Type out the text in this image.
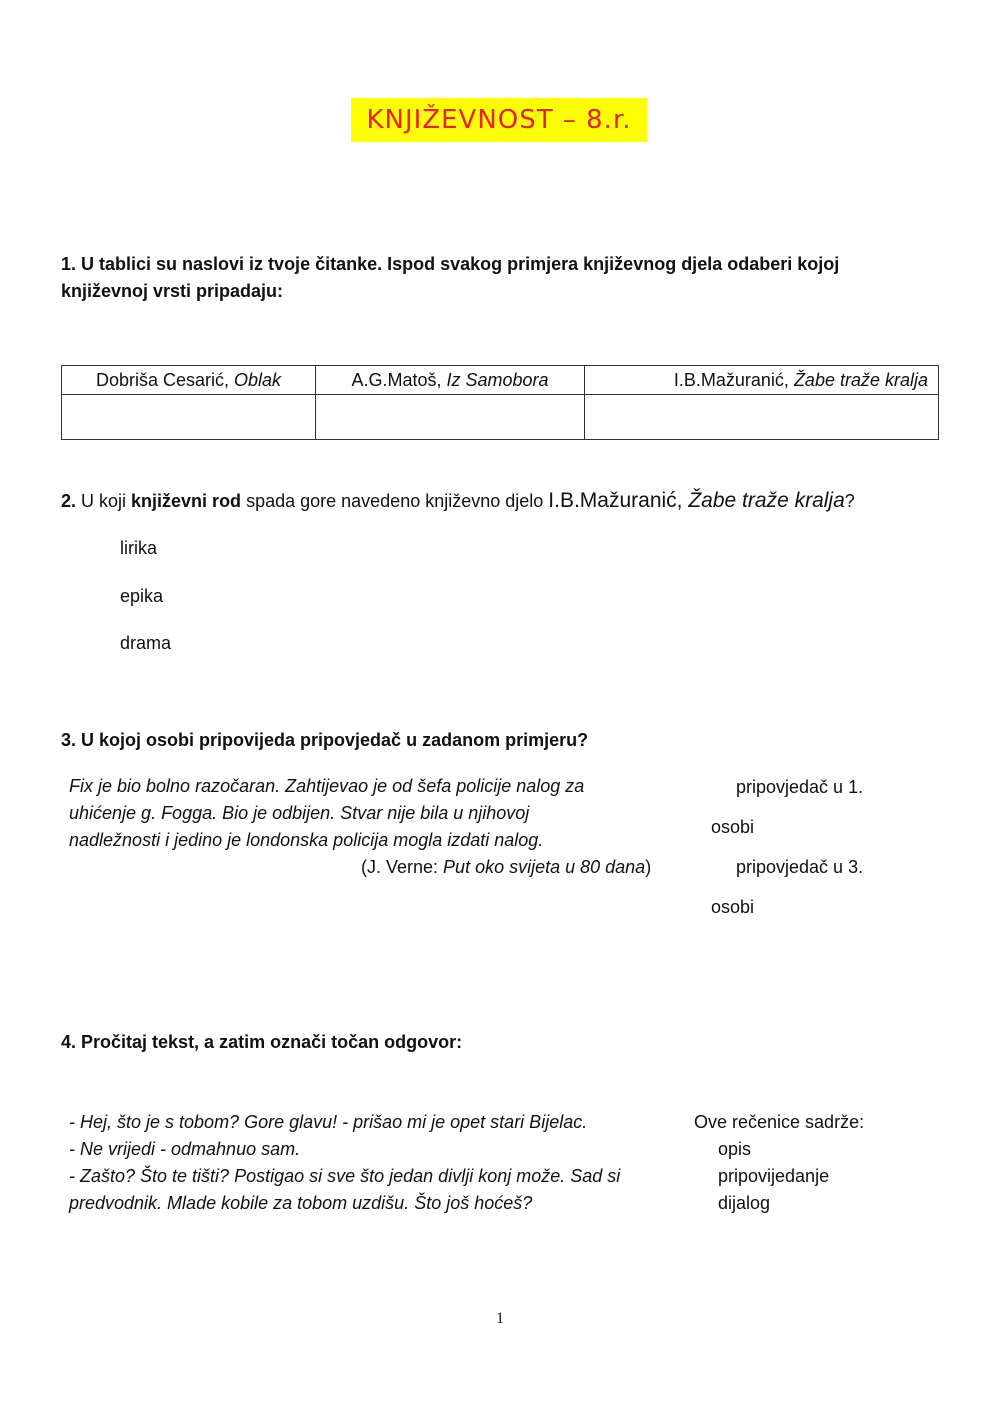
KNJIŽEVNOST – 8.r.
1. U tablici su naslovi iz tvoje čitanke. Ispod svakog primjera književnog djela odaberi kojoj
književnoj vrsti pripadaju:
Dobriša Cesarić, Oblak	A.G.Matoš, Iz Samobora	I.B.Mažuranić, Žabe traže kralja

2. U koji književni rod spada gore navedeno književno djelo I.B.Mažuranić, Žabe traže kralja?
lirika
epika
drama
3. U kojoj osobi pripovijeda pripovjedač u zadanom primjeru?
Fix je bio bolno razočaran. Zahtijevao je od šefa policije nalog za
uhićenje g. Fogga. Bio je odbijen. Stvar nije bila u njihovoj
nadležnosti i jedino je londonska policija mogla izdati nalog.
(J. Verne: Put oko svijeta u 80 dana)
pripovjedač u 1.
osobi
pripovjedač u 3.
osobi
4. Pročitaj tekst, a zatim označi točan odgovor:
- Hej, što je s tobom? Gore glavu! - prišao mi je opet stari Bijelac.
- Ne vrijedi - odmahnuo sam.
- Zašto? Što te tišti? Postigao si sve što jedan divlji konj može. Sad si
predvodnik. Mlade kobile za tobom uzdišu. Što još hoćeš?
Ove rečenice sadrže:
opis
pripovijedanje
dijalog
1
